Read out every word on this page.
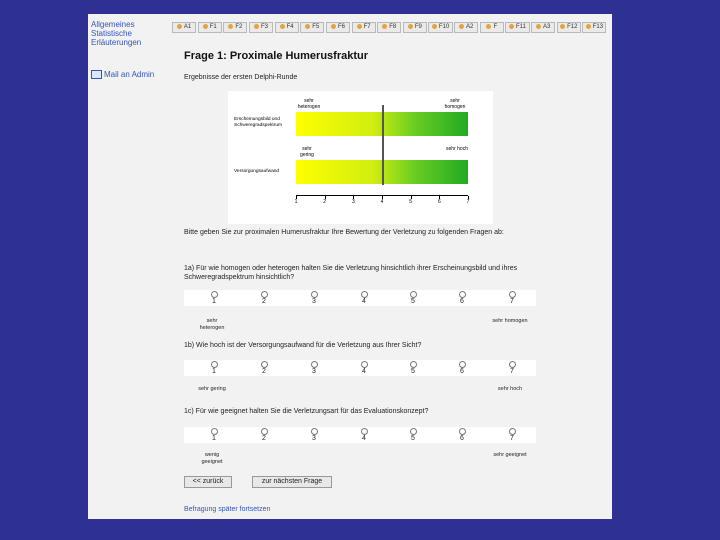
Allgemeines
Statistische
Erläuterungen
Mail an Admin
A1	F1	F2	F3	F4	F5	F6	F7	F8	F9	F10	A2	F	F11	A3	F12	F13
Frage 1: Proximale Humerusfraktur
Ergebnisse der ersten Delphi-Runde
sehr heterogen
sehr homogen
Erscheinungsbild und Schweregradspektrum
sehr gering
sehr hoch
Versorgungsaufwand
1	2	3	4	5	6	7
Bitte geben Sie zur proximalen Humerusfraktur Ihre Bewertung der Verletzung zu folgenden Fragen ab:
1a) Für wie homogen oder heterogen halten Sie die Verletzung hinsichtlich ihrer Erscheinungsbild und ihres Schweregradspektrum hinsichtlich?
1	2	3	4	5	6	7
sehr heterogen
sehr homogen
1b) Wie hoch ist der Versorgungsaufwand für die Verletzung aus Ihrer Sicht?
1	2	3	4	5	6	7
sehr gering	sehr hoch
1c) Für wie geeignet halten Sie die Verletzungsart für das Evaluationskonzept?
1	2	3	4	5	6	7
wenig geeignet
sehr geeignet
<< zurück	zur nächsten Frage
Befragung später fortsetzen
